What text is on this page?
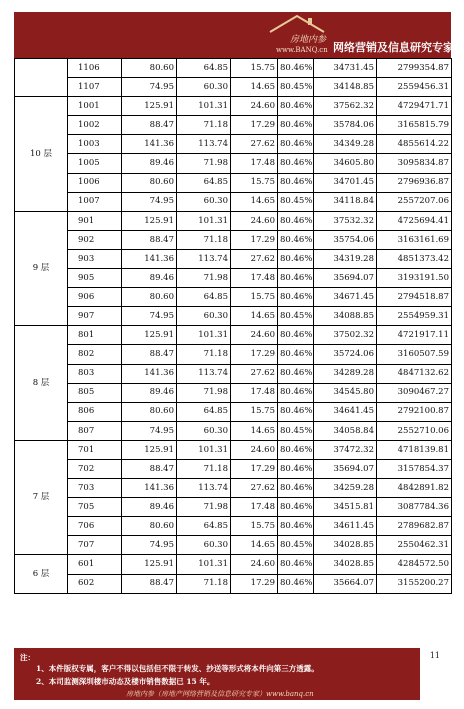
房地内参
www.BANQ.cn 网络营销及信息研究专家
	1106	80.60	64.85	15.75	80.46%	34731.45	2799354.87
	1107	74.95	60.30	14.65	80.45%	34148.85	2559456.31
10 层	1001	125.91	101.31	24.60	80.46%	37562.32	4729471.71
	1002	88.47	71.18	17.29	80.46%	35784.06	3165815.79
	1003	141.36	113.74	27.62	80.46%	34349.28	4855614.22
	1005	89.46	71.98	17.48	80.46%	34605.80	3095834.87
	1006	80.60	64.85	15.75	80.46%	34701.45	2796936.87
	1007	74.95	60.30	14.65	80.45%	34118.84	2557207.06
9 层	901	125.91	101.31	24.60	80.46%	37532.32	4725694.41
	902	88.47	71.18	17.29	80.46%	35754.06	3163161.69
	903	141.36	113.74	27.62	80.46%	34319.28	4851373.42
	905	89.46	71.98	17.48	80.46%	35694.07	3193191.50
	906	80.60	64.85	15.75	80.46%	34671.45	2794518.87
	907	74.95	60.30	14.65	80.45%	34088.85	2554959.31
8 层	801	125.91	101.31	24.60	80.46%	37502.32	4721917.11
	802	88.47	71.18	17.29	80.46%	35724.06	3160507.59
	803	141.36	113.74	27.62	80.46%	34289.28	4847132.62
	805	89.46	71.98	17.48	80.46%	34545.80	3090467.27
	806	80.60	64.85	15.75	80.46%	34641.45	2792100.87
	807	74.95	60.30	14.65	80.45%	34058.84	2552710.06
7 层	701	125.91	101.31	24.60	80.46%	37472.32	4718139.81
	702	88.47	71.18	17.29	80.46%	35694.07	3157854.37
	703	141.36	113.74	27.62	80.46%	34259.28	4842891.82
	705	89.46	71.98	17.48	80.46%	34515.81	3087784.36
	706	80.60	64.85	15.75	80.46%	34611.45	2789682.87
	707	74.95	60.30	14.65	80.45%	34028.85	2550462.31
6 层	601	125.91	101.31	24.60	80.46%	34028.85	4284572.50
	602	88.47	71.18	17.29	80.46%	35664.07	3155200.27
11
注：
1、本件版权专属，客户不得以包括但不限于转发、抄送等形式将本件向第三方透露。
2、本司监测深圳楼市动态及楼市销售数据已 15 年。
房地内参（房地产网络营销及信息研究专家）www.banq.cn
